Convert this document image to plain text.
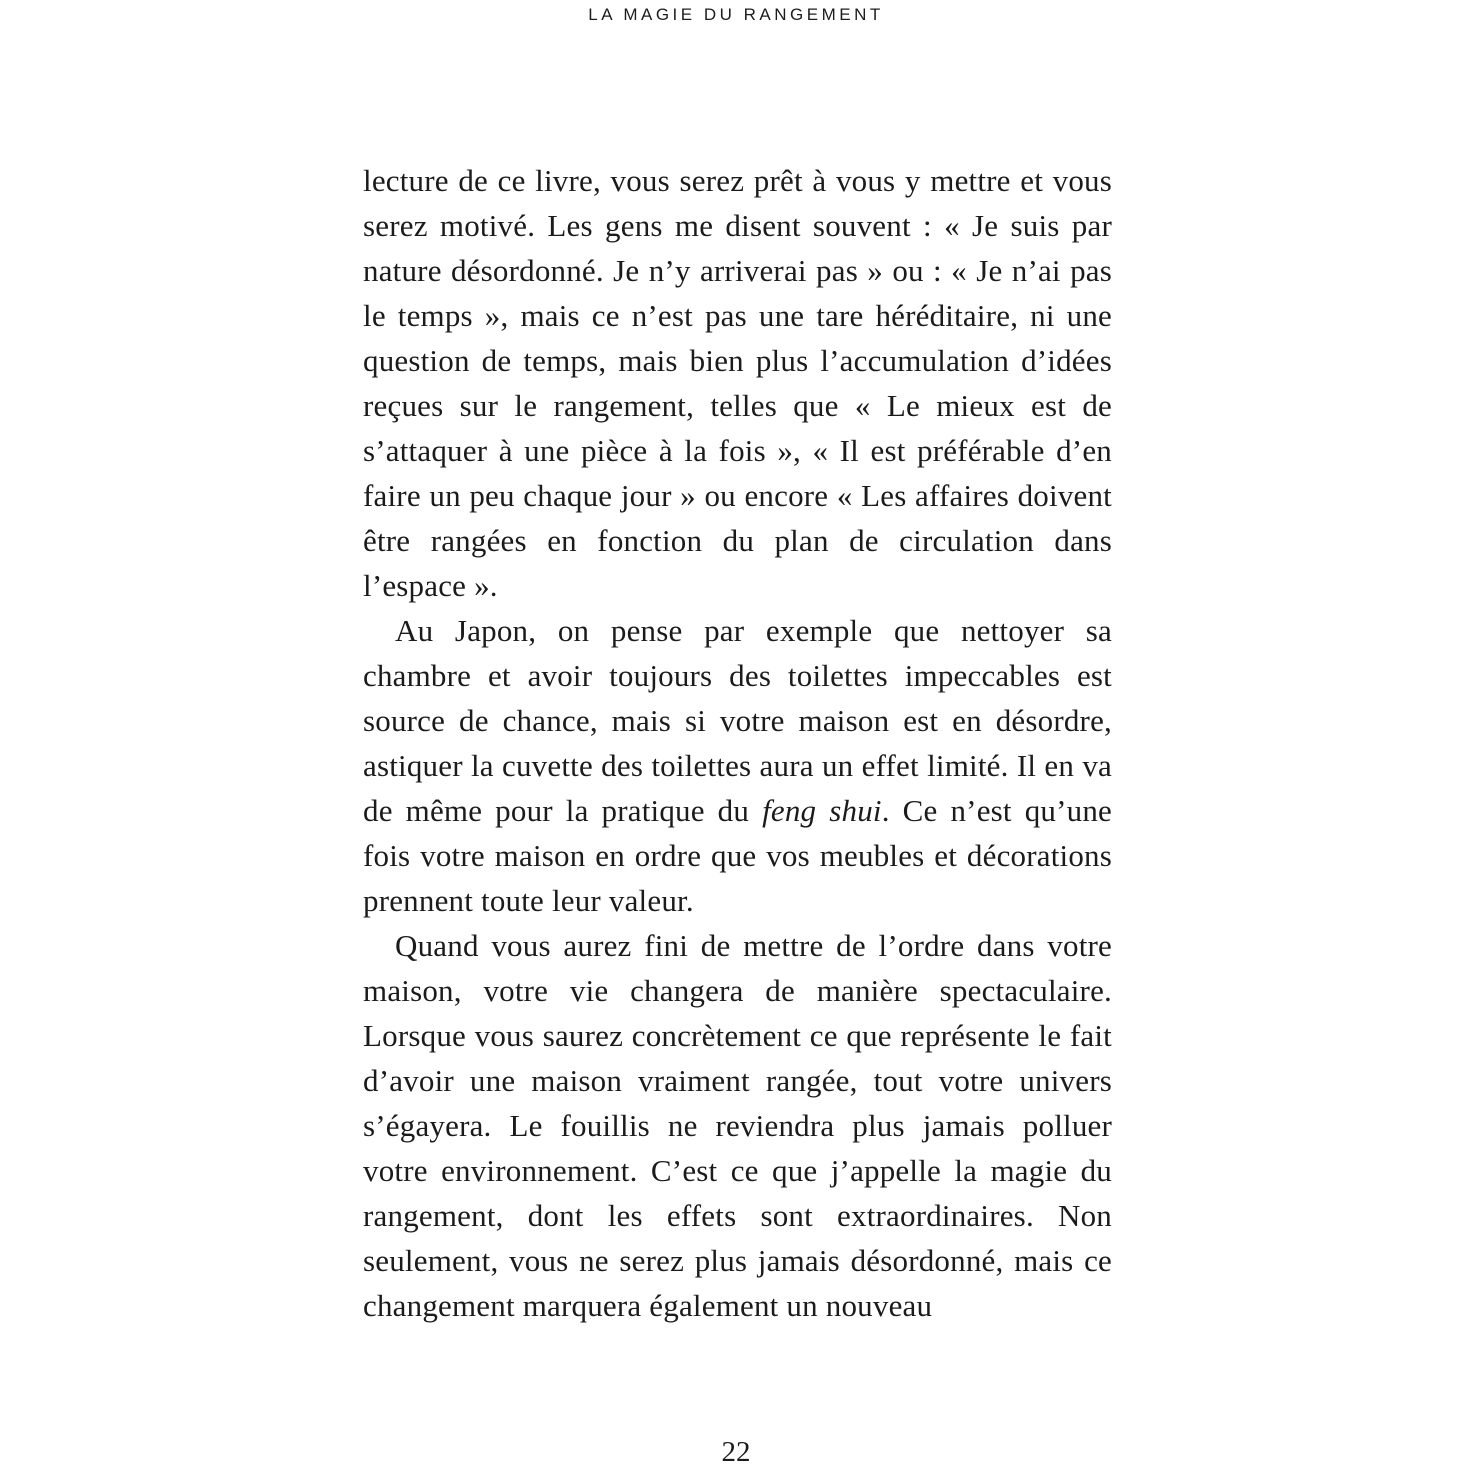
LA MAGIE DU RANGEMENT

lecture de ce livre, vous serez prêt à vous y mettre et vous serez motivé. Les gens me disent souvent : « Je suis par nature désordonné. Je n’y arriverai pas » ou : « Je n’ai pas le temps », mais ce n’est pas une tare héréditaire, ni une question de temps, mais bien plus l’accumulation d’idées reçues sur le rangement, telles que « Le mieux est de s’attaquer à une pièce à la fois », « Il est préférable d’en faire un peu chaque jour » ou encore « Les affaires doivent être rangées en fonction du plan de circulation dans l’espace ».

Au Japon, on pense par exemple que nettoyer sa chambre et avoir toujours des toilettes impeccables est source de chance, mais si votre maison est en désordre, astiquer la cuvette des toilettes aura un effet limité. Il en va de même pour la pratique du feng shui. Ce n’est qu’une fois votre maison en ordre que vos meubles et décorations prennent toute leur valeur.

Quand vous aurez fini de mettre de l’ordre dans votre maison, votre vie changera de manière spectaculaire. Lorsque vous saurez concrètement ce que représente le fait d’avoir une maison vraiment rangée, tout votre univers s’égayera. Le fouillis ne reviendra plus jamais polluer votre environnement. C’est ce que j’appelle la magie du rangement, dont les effets sont extraordinaires. Non seulement, vous ne serez plus jamais désordonné, mais ce changement marquera également un nouveau

22
